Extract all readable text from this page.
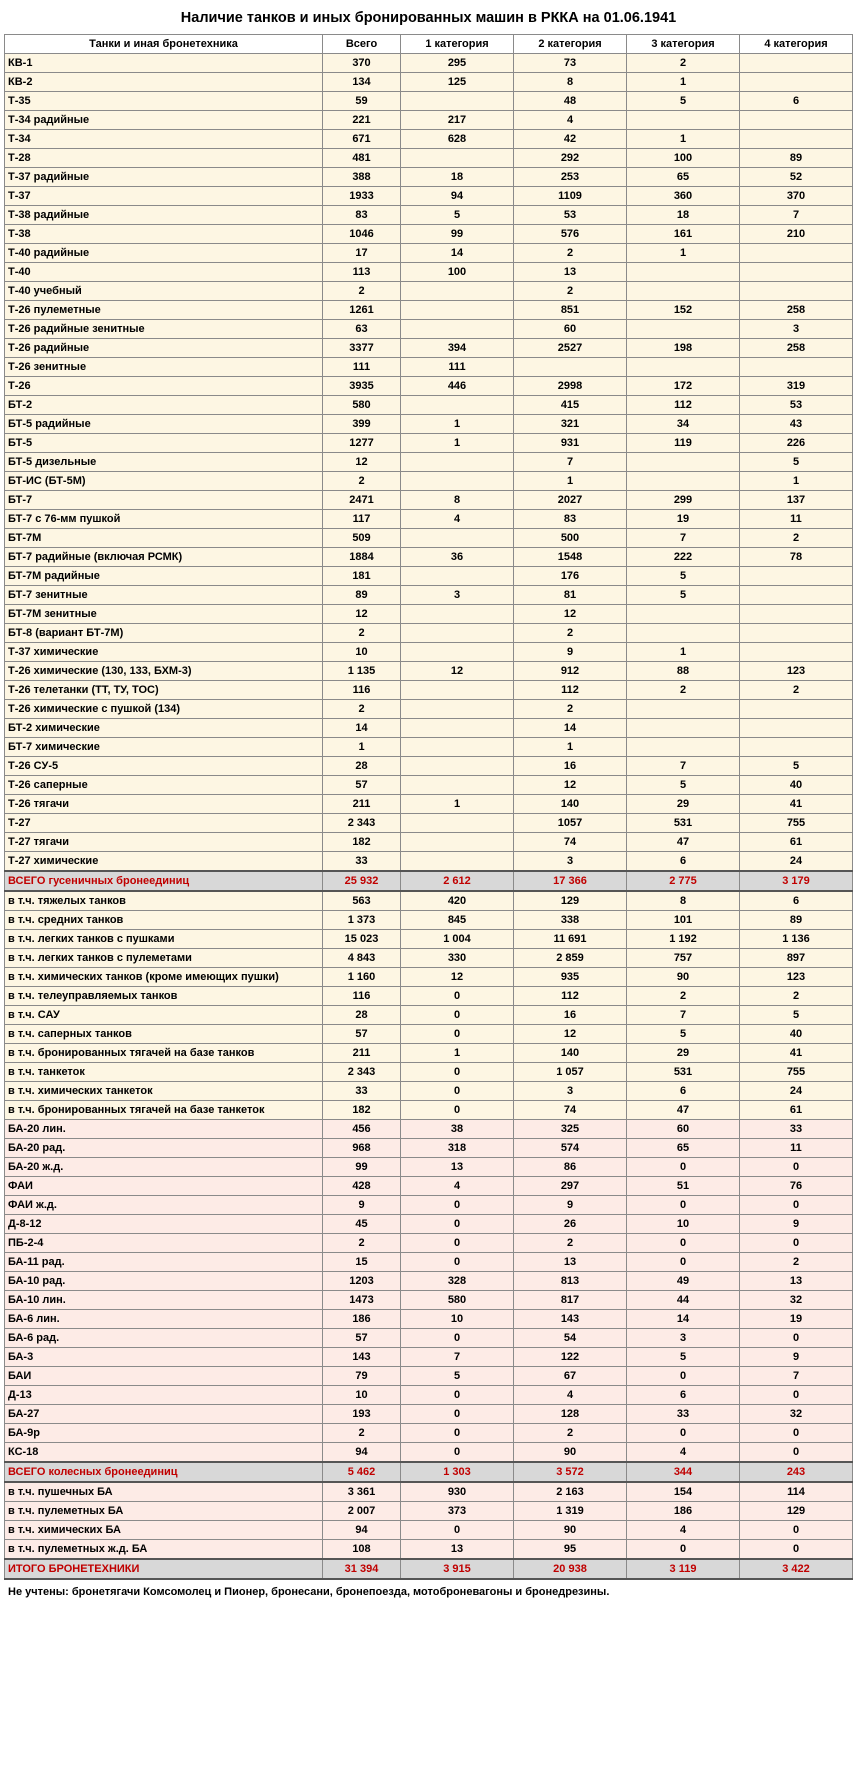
Наличие танков и иных бронированных машин в РККА на 01.06.1941
Танки и иная бронетехника	Всего	1 категория	2 категория	3 категория	4 категория
КВ-1	370	295	73	2	
КВ-2	134	125	8	1	
Т-35	59		48	5	6
Т-34 радийные	221	217	4		
Т-34	671	628	42	1	
Т-28	481		292	100	89
Т-37 радийные	388	18	253	65	52
Т-37	1933	94	1109	360	370
Т-38 радийные	83	5	53	18	7
Т-38	1046	99	576	161	210
Т-40 радийные	17	14	2	1	
Т-40	113	100	13		
Т-40 учебный	2		2		
Т-26 пулеметные	1261		851	152	258
Т-26 радийные зенитные	63		60		3
Т-26 радийные	3377	394	2527	198	258
Т-26 зенитные	111	111			
Т-26	3935	446	2998	172	319
БТ-2	580		415	112	53
БТ-5 радийные	399	1	321	34	43
БТ-5	1277	1	931	119	226
БТ-5 дизельные	12		7		5
БТ-ИС (БТ-5М)	2		1		1
БТ-7	2471	8	2027	299	137
БТ-7 с 76-мм пушкой	117	4	83	19	11
БТ-7М	509		500	7	2
БТ-7 радийные (включая РСМК)	1884	36	1548	222	78
БТ-7М радийные	181		176	5	
БТ-7 зенитные	89	3	81	5	
БТ-7М зенитные	12		12		
БТ-8 (вариант БТ-7М)	2		2		
Т-37 химические	10		9	1	
Т-26 химические (130, 133, БХМ-3)	1 135	12	912	88	123
Т-26 телетанки (ТТ, ТУ, ТОС)	116		112	2	2
Т-26 химические с пушкой (134)	2		2		
БТ-2 химические	14		14		
БТ-7 химические	1		1		
Т-26 СУ-5	28		16	7	5
Т-26 саперные	57		12	5	40
Т-26 тягачи	211	1	140	29	41
Т-27	2 343		1057	531	755
Т-27 тягачи	182		74	47	61
Т-27 химические	33		3	6	24
ВСЕГО гусеничных бронеединиц	25 932	2 612	17 366	2 775	3 179
в т.ч. тяжелых танков	563	420	129	8	6
в т.ч. средних танков	1 373	845	338	101	89
в т.ч. легких танков с пушками	15 023	1 004	11 691	1 192	1 136
в т.ч. легких танков с пулеметами	4 843	330	2 859	757	897
в т.ч. химических танков (кроме имеющих пушки)	1 160	12	935	90	123
в т.ч. телеуправляемых танков	116	0	112	2	2
в т.ч. САУ	28	0	16	7	5
в т.ч. саперных танков	57	0	12	5	40
в т.ч. бронированных тягачей на базе танков	211	1	140	29	41
в т.ч. танкеток	2 343	0	1 057	531	755
в т.ч. химических танкеток	33	0	3	6	24
в т.ч. бронированных тягачей на базе танкеток	182	0	74	47	61
БА-20 лин.	456	38	325	60	33
БА-20 рад.	968	318	574	65	11
БА-20 ж.д.	99	13	86	0	0
ФАИ	428	4	297	51	76
ФАИ ж.д.	9	0	9	0	0
Д-8-12	45	0	26	10	9
ПБ-2-4	2	0	2	0	0
БА-11 рад.	15	0	13	0	2
БА-10 рад.	1203	328	813	49	13
БА-10 лин.	1473	580	817	44	32
БА-6 лин.	186	10	143	14	19
БА-6 рад.	57	0	54	3	0
БА-3	143	7	122	5	9
БАИ	79	5	67	0	7
Д-13	10	0	4	6	0
БА-27	193	0	128	33	32
БА-9р	2	0	2	0	0
КС-18	94	0	90	4	0
ВСЕГО колесных бронеединиц	5 462	1 303	3 572	344	243
в т.ч. пушечных БА	3 361	930	2 163	154	114
в т.ч. пулеметных БА	2 007	373	1 319	186	129
в т.ч. химических БА	94	0	90	4	0
в т.ч. пулеметных ж.д. БА	108	13	95	0	0
ИТОГО БРОНЕТЕХНИКИ	31 394	3 915	20 938	3 119	3 422
Не учтены: бронетягачи Комсомолец и Пионер, бронесани, бронепоезда, мотоброневагоны и бронедрезины.
